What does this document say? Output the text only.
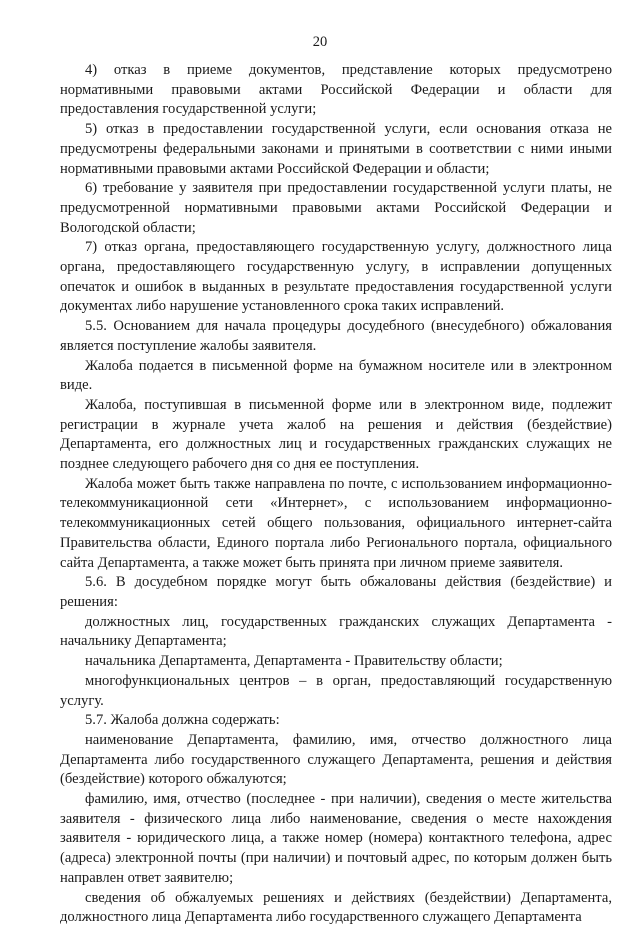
20

4) отказ в приеме документов, представление которых предусмотрено нормативными правовыми актами Российской Федерации и области для предоставления государственной услуги;

5) отказ в предоставлении государственной услуги, если основания отказа не предусмотрены федеральными законами и принятыми в соответствии с ними иными нормативными правовыми актами Российской Федерации и области;

6) требование у заявителя при предоставлении государственной услуги платы, не предусмотренной нормативными правовыми актами Российской Федерации и Вологодской области;

7) отказ органа, предоставляющего государственную услугу, должностного лица органа, предоставляющего государственную услугу, в исправлении допущенных опечаток и ошибок в выданных в результате предоставления государственной услуги документах либо нарушение установленного срока таких исправлений.

5.5. Основанием для начала процедуры досудебного (внесудебного) обжалования является поступление жалобы заявителя.

Жалоба подается в письменной форме на бумажном носителе или в электронном виде.

Жалоба, поступившая в письменной форме или в электронном виде, подлежит регистрации в журнале учета жалоб на решения и действия (бездействие) Департамента, его должностных лиц и государственных гражданских служащих не позднее следующего рабочего дня со дня ее поступления.

Жалоба может быть также направлена по почте, с использованием информационно-телекоммуникационной сети «Интернет», с использованием информационно-телекоммуникационных сетей общего пользования, официального интернет-сайта Правительства области, Единого портала либо Регионального портала, официального сайта Департамента, а также может быть принята при личном приеме заявителя.

5.6. В досудебном порядке могут быть обжалованы действия (бездействие) и решения:

должностных лиц, государственных гражданских служащих Департамента - начальнику Департамента;

начальника Департамента, Департамента - Правительству области;

многофункциональных центров – в орган, предоставляющий государственную услугу.

5.7. Жалоба должна содержать:

наименование Департамента, фамилию, имя, отчество должностного лица Департамента либо государственного служащего Департамента, решения и действия (бездействие) которого обжалуются;

фамилию, имя, отчество (последнее - при наличии), сведения о месте жительства заявителя - физического лица либо наименование, сведения о месте нахождения заявителя - юридического лица, а также номер (номера) контактного телефона, адрес (адреса) электронной почты (при наличии) и почтовый адрес, по которым должен быть направлен ответ заявителю;

сведения об обжалуемых решениях и действиях (бездействии) Департамента, должностного лица Департамента либо государственного служащего Департамента
